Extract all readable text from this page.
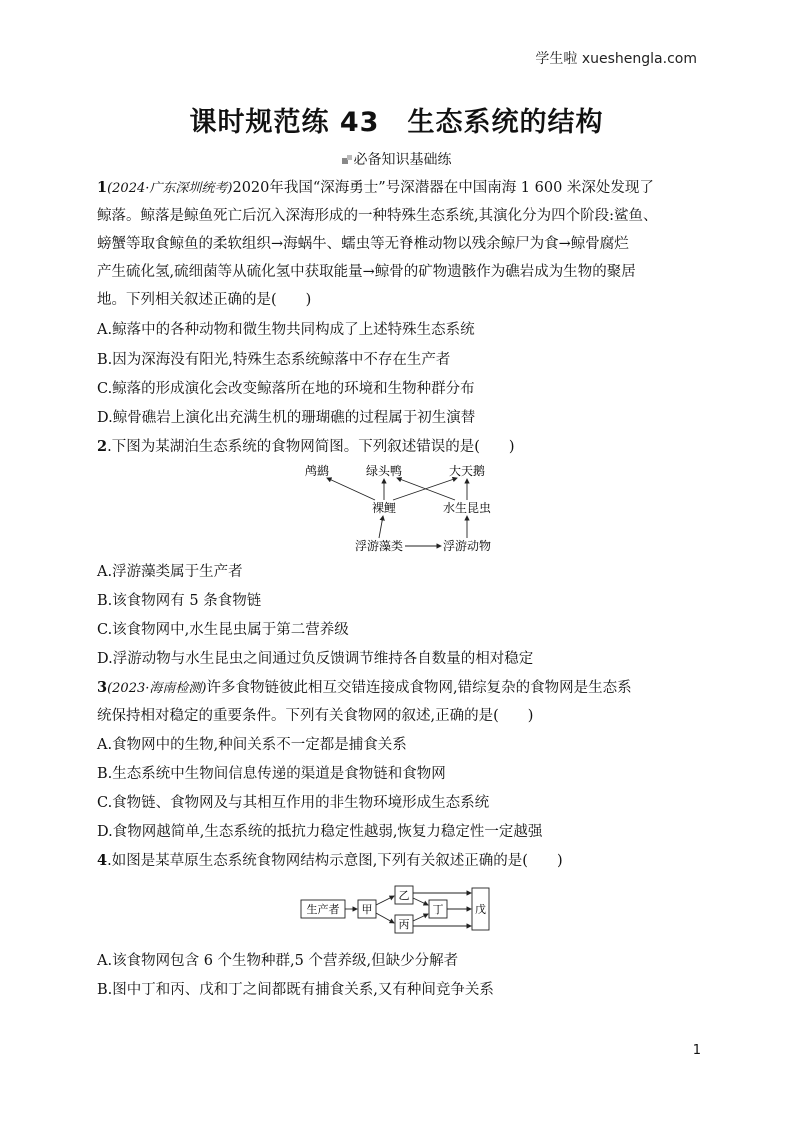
学生啦 xueshengla.com
课时规范练 43　生态系统的结构
必备知识基础练
1(2024·广东深圳统考)2020年我国“深海勇士”号深潜器在中国南海 1 600 米深处发现了
鲸落。鲸落是鲸鱼死亡后沉入深海形成的一种特殊生态系统,其演化分为四个阶段:鲨鱼、
螃蟹等取食鲸鱼的柔软组织→海蜗牛、蠕虫等无脊椎动物以残余鲸尸为食→鲸骨腐烂
产生硫化氢,硫细菌等从硫化氢中获取能量→鲸骨的矿物遗骸作为礁岩成为生物的聚居
地。下列相关叙述正确的是(　　)
A.鲸落中的各种动物和微生物共同构成了上述特殊生态系统
B.因为深海没有阳光,特殊生态系统鲸落中不存在生产者
C.鲸落的形成演化会改变鲸落所在地的环境和生物种群分布
D.鲸骨礁岩上演化出充满生机的珊瑚礁的过程属于初生演替
2.下图为某湖泊生态系统的食物网简图。下列叙述错误的是(　　)
鸬鹚	绿头鸭	大天鹅
裸鲤	水生昆虫
浮游藻类	浮游动物
A.浮游藻类属于生产者
B.该食物网有 5 条食物链
C.该食物网中,水生昆虫属于第二营养级
D.浮游动物与水生昆虫之间通过负反馈调节维持各自数量的相对稳定
3(2023·海南检测)许多食物链彼此相互交错连接成食物网,错综复杂的食物网是生态系
统保持相对稳定的重要条件。下列有关食物网的叙述,正确的是(　　)
A.食物网中的生物,种间关系不一定都是捕食关系
B.生态系统中生物间信息传递的渠道是食物链和食物网
C.食物链、食物网及与其相互作用的非生物环境形成生态系统
D.食物网越简单,生态系统的抵抗力稳定性越弱,恢复力稳定性一定越强
4.如图是某草原生态系统食物网结构示意图,下列有关叙述正确的是(　　)
生产者 甲
乙
丙
丁	戊
A.该食物网包含 6 个生物种群,5 个营养级,但缺少分解者
B.图中丁和丙、戊和丁之间都既有捕食关系,又有种间竞争关系
1
